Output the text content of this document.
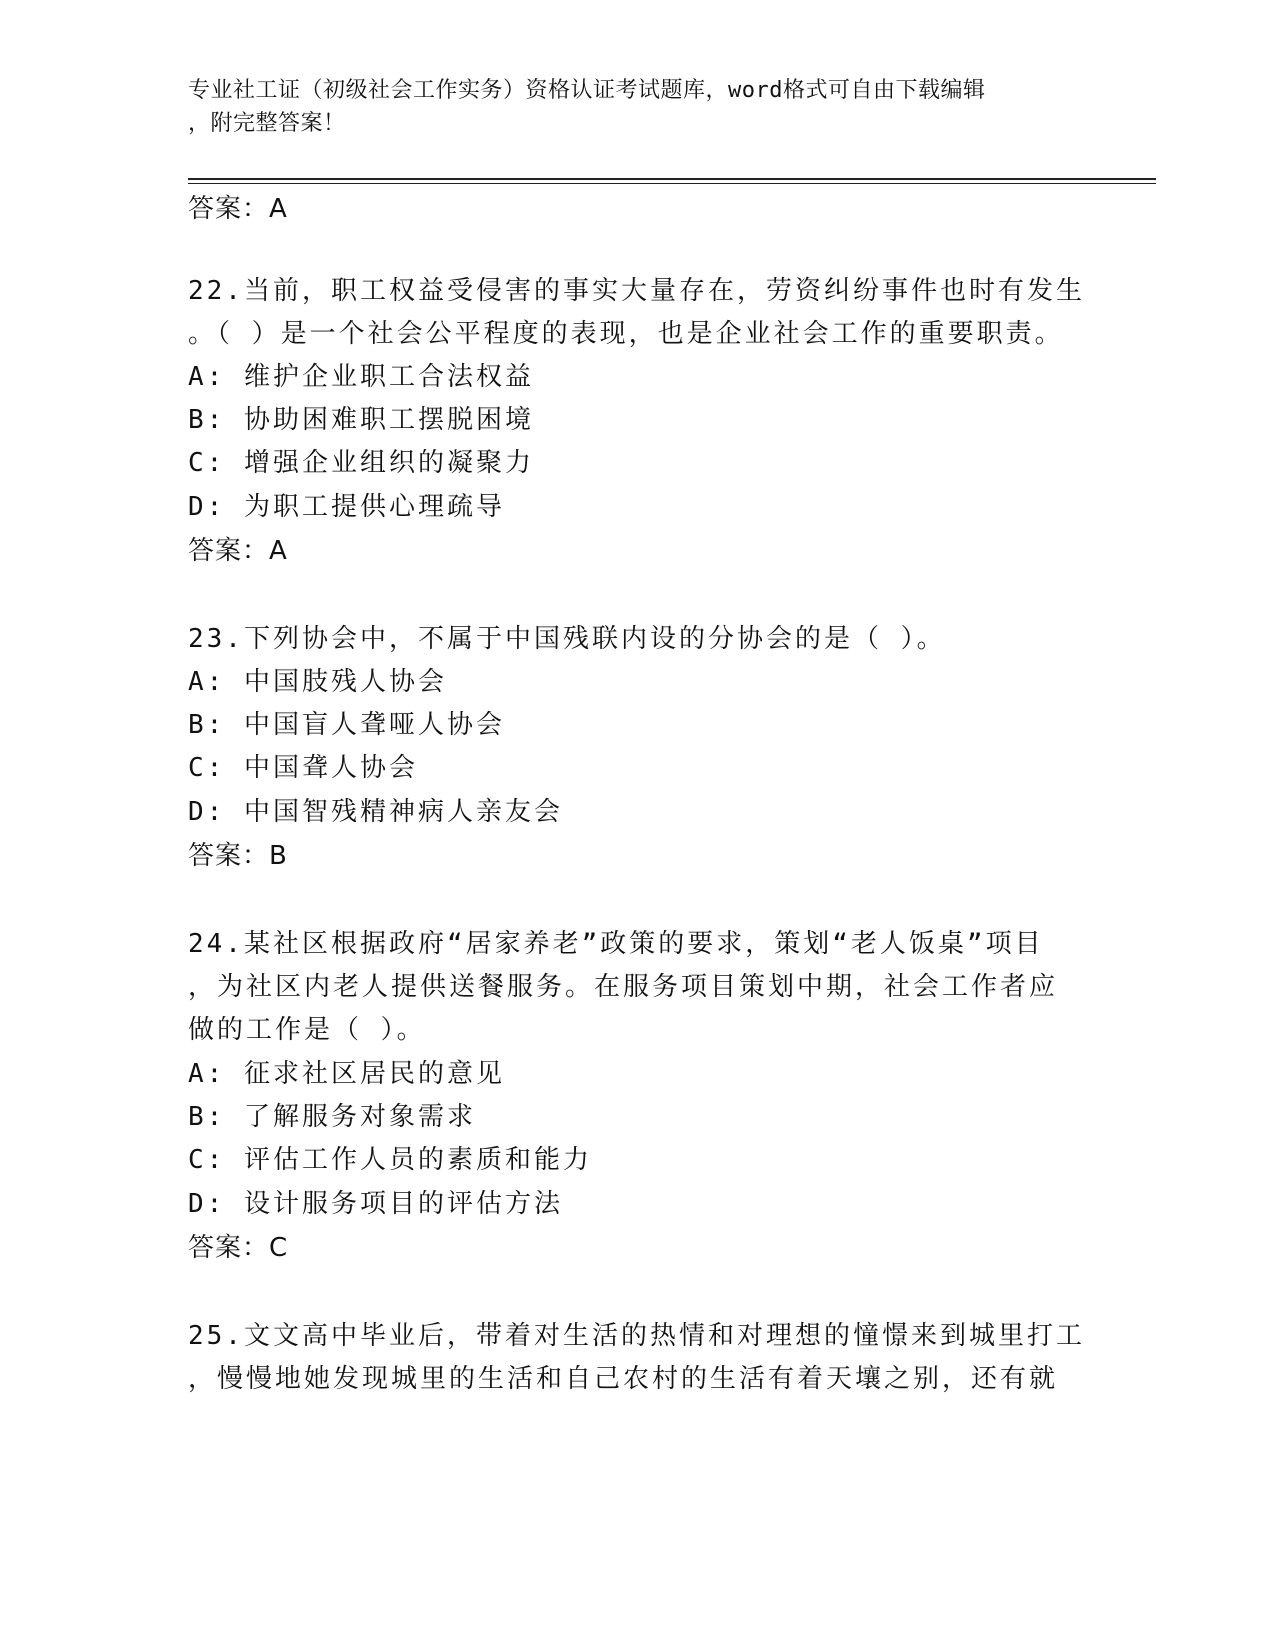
专业社工证（初级社会工作实务）资格认证考试题库，word格式可自由下载编辑
，附完整答案！
答案：A
22.当前，职工权益受侵害的事实大量存在，劳资纠纷事件也时有发生
。（ ）是一个社会公平程度的表现，也是企业社会工作的重要职责。
A: 维护企业职工合法权益
B: 协助困难职工摆脱困境
C: 增强企业组织的凝聚力
D: 为职工提供心理疏导
答案：A
23.下列协会中，不属于中国残联内设的分协会的是（ ）。
A: 中国肢残人协会
B: 中国盲人聋哑人协会
C: 中国聋人协会
D: 中国智残精神病人亲友会
答案：B
24.某社区根据政府“居家养老”政策的要求，策划“老人饭桌”项目
，为社区内老人提供送餐服务。在服务项目策划中期，社会工作者应
做的工作是（ ）。
A: 征求社区居民的意见
B: 了解服务对象需求
C: 评估工作人员的素质和能力
D: 设计服务项目的评估方法
答案：C
25.文文高中毕业后，带着对生活的热情和对理想的憧憬来到城里打工
，慢慢地她发现城里的生活和自己农村的生活有着天壤之别，还有就
